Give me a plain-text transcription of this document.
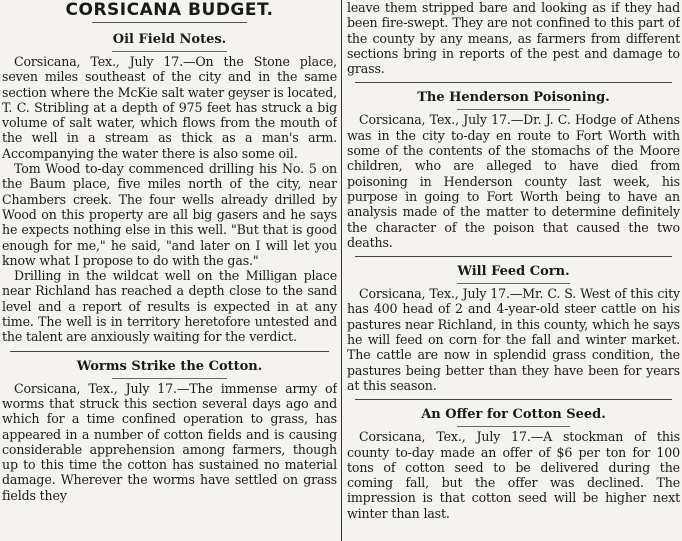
CORSICANA BUDGET.
Oil Field Notes.

Corsicana, Tex., July 17.—On the Stone place, seven miles southeast of the city and in the same section where the McKie salt water geyser is located, T. C. Stribling at a depth of 975 feet has struck a big volume of salt water, which flows from the mouth of the well in a stream as thick as a man's arm. Accompanying the water there is also some oil.

Tom Wood to-day commenced drilling his No. 5 on the Baum place, five miles north of the city, near Chambers creek. The four wells already drilled by Wood on this property are all big gasers and he says he expects nothing else in this well. "But that is good enough for me," he said, "and later on I will let you know what I propose to do with the gas."

Drilling in the wildcat well on the Milligan place near Richland has reached a depth close to the sand level and a report of results is expected in at any time. The well is in territory heretofore untested and the talent are anxiously waiting for the verdict.

Worms Strike the Cotton.

Corsicana, Tex., July 17.—The immense army of worms that struck this section several days ago and which for a time confined operation to grass, has appeared in a number of cotton fields and is causing considerable apprehension among farmers, though up to this time the cotton has sustained no material damage. Wherever the worms have settled on grass fields they

leave them stripped bare and looking as if they had been fire-swept. They are not confined to this part of the county by any means, as farmers from different sections bring in reports of the pest and damage to grass.

The Henderson Poisoning.

Corsicana, Tex., July 17.—Dr. J. C. Hodge of Athens was in the city to-day en route to Fort Worth with some of the contents of the stomachs of the Moore children, who are alleged to have died from poisoning in Henderson county last week, his purpose in going to Fort Worth being to have an analysis made of the matter to determine definitely the character of the poison that caused the two deaths.

Will Feed Corn.

Corsicana, Tex., July 17.—Mr. C. S. West of this city has 400 head of 2 and 4-year-old steer cattle on his pastures near Richland, in this county, which he says he will feed on corn for the fall and winter market. The cattle are now in splendid grass condition, the pastures being better than they have been for years at this season.

An Offer for Cotton Seed.

Corsicana, Tex., July 17.—A stockman of this county to-day made an offer of $6 per ton for 100 tons of cotton seed to be delivered during the coming fall, but the offer was declined. The impression is that cotton seed will be higher next winter than last.
